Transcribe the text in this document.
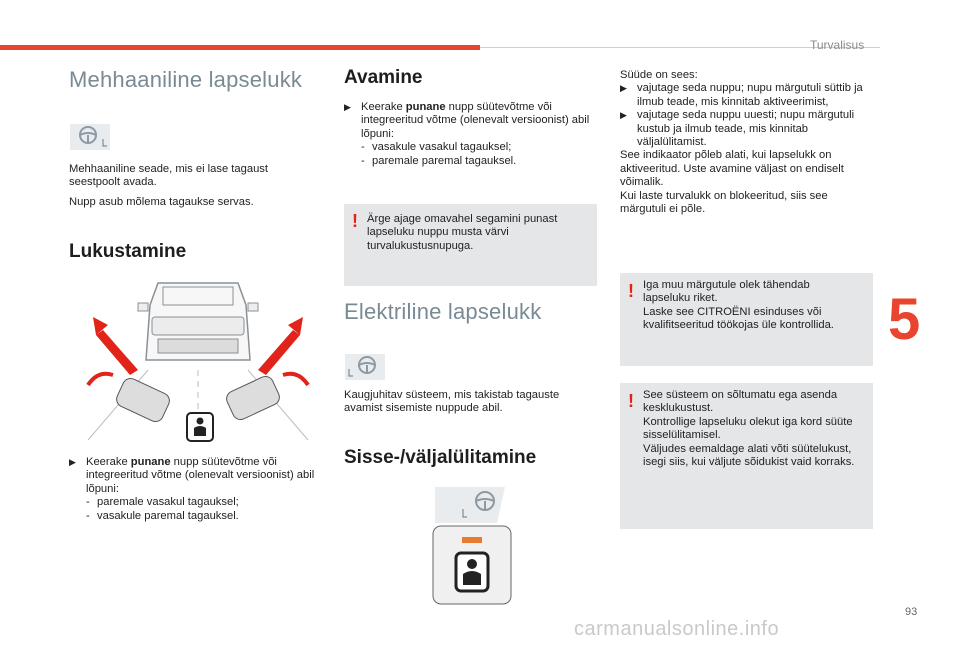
Turvalisus
Mehhaaniline lapselukk
Mehhaaniline seade, mis ei lase tagaust seestpoolt avada.
Nupp asub mõlema tagaukse servas.
Lukustamine
▶ Keerake punane nupp süütevõtme või integreeritud võtme (olenevalt versioonist) abil lõpuni:
- paremale vasakul tagauksel;
- vasakule paremal tagauksel.
Avamine
▶ Keerake punane nupp süütevõtme või integreeritud võtme (olenevalt versioonist) abil lõpuni:
- vasakule vasakul tagauksel;
- paremale paremal tagauksel.
! Ärge ajage omavahel segamini punast lapseluku nuppu musta värvi turvalukustusnupuga.
Elektriline lapselukk
Kaugjuhitav süsteem, mis takistab tagauste avamist sisemiste nuppude abil.
Sisse-/väljalülitamine
Süüde on sees:
▶ vajutage seda nuppu; nupu märgutuli süttib ja ilmub teade, mis kinnitab aktiveerimist,
▶ vajutage seda nuppu uuesti; nupu märgutuli kustub ja ilmub teade, mis kinnitab väljalülitamist.
See indikaator põleb alati, kui lapselukk on aktiveeritud. Uste avamine väljast on endiselt võimalik.
Kui laste turvalukk on blokeeritud, siis see märgutuli ei põle.
! Iga muu märgutule olek tähendab lapseluku riket.
Laske see CITROËNI esinduses või kvalifitseeritud töökojas üle kontrollida.
! See süsteem on sõltumatu ega asenda kesklukustust.
Kontrollige lapseluku olekut iga kord süüte sisselülitamisel.
Väljudes eemaldage alati võti süütelukust, isegi siis, kui väljute sõidukist vaid korraks.
5
93
carmanualsonline.info
